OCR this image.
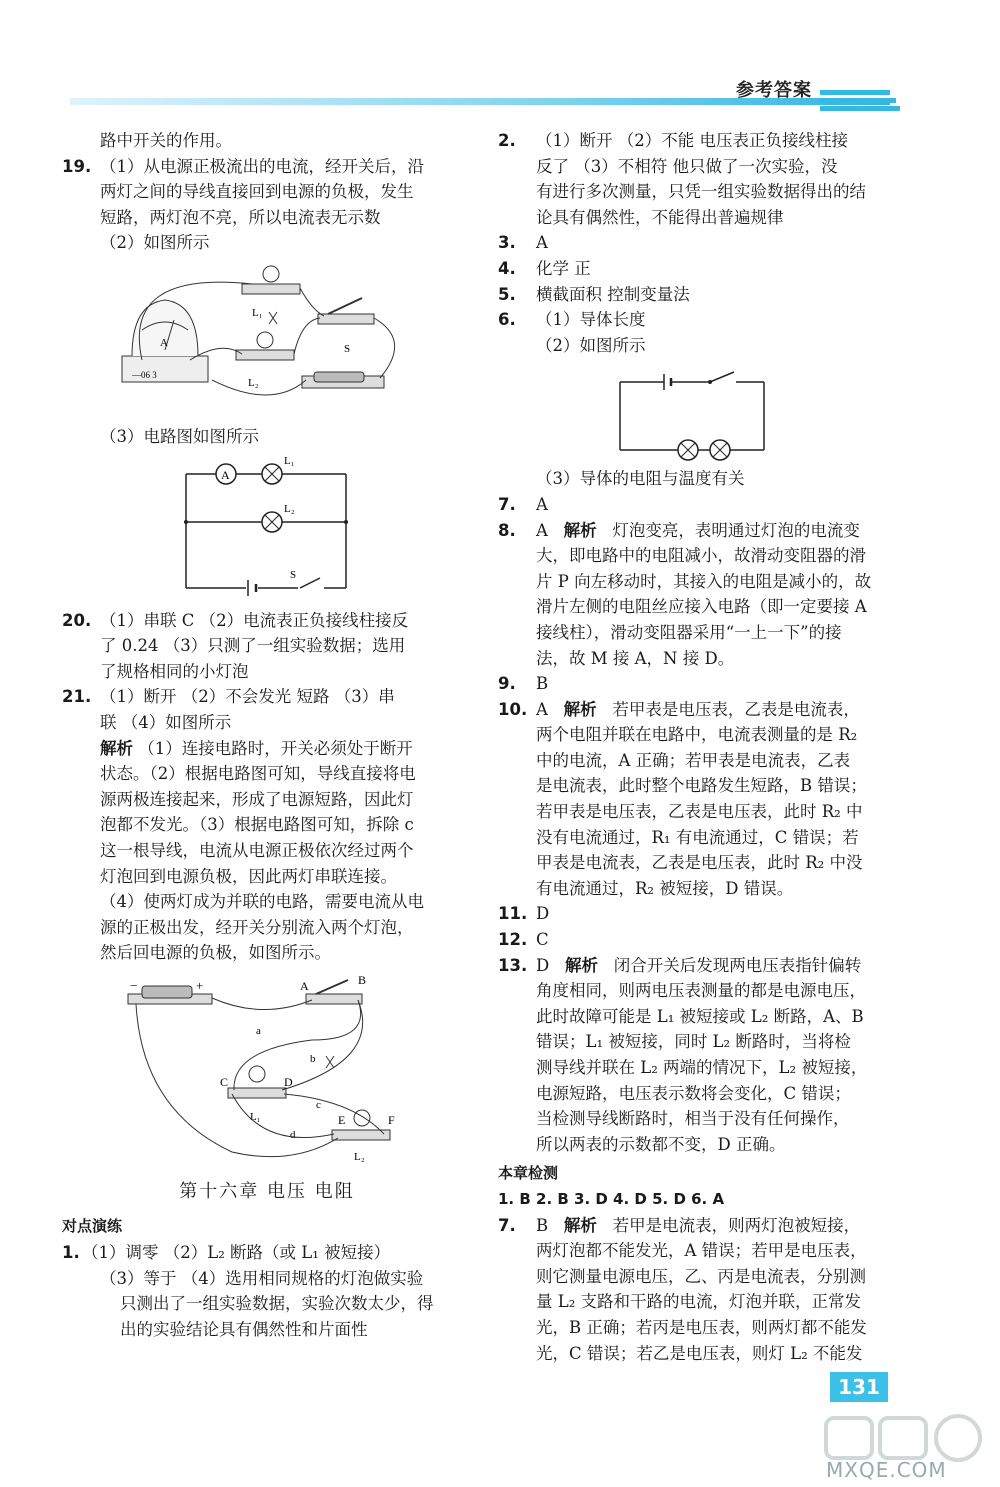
参考答案
路中开关的作用。
19. （1）从电源正极流出的电流，经开关后，沿
两灯之间的导线直接回到电源的负极，发生
短路，两灯泡不亮，所以电流表无示数
（2）如图所示
A
—06 3
L₁
L₂
S
（3）电路图如图所示
A
L₁
L₂
S
20. （1）串联 C （2）电流表正负接线柱接反
了 0.24 （3）只测了一组实验数据；选用
了规格相同的小灯泡
21. （1）断开 （2）不会发光 短路 （3）串
联 （4）如图所示
解析 （1）连接电路时，开关必须处于断开
状态。（2）根据电路图可知，导线直接将电
源两极连接起来，形成了电源短路，因此灯
泡都不发光。（3）根据电路图可知，拆除 c
这一根导线，电流从电源正极依次经过两个
灯泡回到电源负极，因此两灯串联连接。
（4）使两灯成为并联的电路，需要电流从电
源的正极出发，经开关分别流入两个灯泡，
然后回电源的负极，如图所示。
−	+	A	B
C	D
L₁	E	F
L₂
a
b
c
d
第十六章 电压 电阻
对点演练
1. （1）调零 （2）L₂ 断路（或 L₁ 被短接）
（3）等于 （4）选用相同规格的灯泡做实验
只测出了一组实验数据，实验次数太少，得
出的实验结论具有偶然性和片面性
2. （1）断开 （2）不能 电压表正负接线柱接
反了 （3）不相符 他只做了一次实验，没
有进行多次测量，只凭一组实验数据得出的结
论具有偶然性，不能得出普遍规律
3. A
4. 化学 正
5. 横截面积 控制变量法
6. （1）导体长度
（2）如图所示
（3）导体的电阻与温度有关
7. A
8. A 解析 灯泡变亮，表明通过灯泡的电流变
大，即电路中的电阻减小，故滑动变阻器的滑
片 P 向左移动时，其接入的电阻是减小的，故
滑片左侧的电阻丝应接入电路（即一定要接 A
接线柱），滑动变阻器采用“一上一下”的接
法，故 M 接 A，N 接 D。
9. B
10. A 解析 若甲表是电压表，乙表是电流表，
两个电阻并联在电路中，电流表测量的是 R₂
中的电流，A 正确；若甲表是电流表，乙表
是电流表，此时整个电路发生短路，B 错误；
若甲表是电压表，乙表是电压表，此时 R₂ 中
没有电流通过，R₁ 有电流通过，C 错误；若
甲表是电流表，乙表是电压表，此时 R₂ 中没
有电流通过，R₂ 被短接，D 错误。
11. D
12. C
13. D 解析 闭合开关后发现两电压表指针偏转
角度相同，则两电压表测量的都是电源电压，
此时故障可能是 L₁ 被短接或 L₂ 断路，A、B
错误；L₁ 被短接，同时 L₂ 断路时，当将检
测导线并联在 L₂ 两端的情况下，L₂ 被短接，
电源短路，电压表示数将会变化，C 错误；
当检测导线断路时，相当于没有任何操作，
所以两表的示数都不变，D 正确。
本章检测
1. B 2. B 3. D 4. D 5. D 6. A
7. B 解析 若甲是电流表，则两灯泡被短接，
两灯泡都不能发光，A 错误；若甲是电压表，
则它测量电源电压，乙、丙是电流表，分别测
量 L₂ 支路和干路的电流，灯泡并联，正常发
光，B 正确；若丙是电压表，则两灯都不能发
光，C 错误；若乙是电压表，则灯 L₂ 不能发
131
MXQE.COM
